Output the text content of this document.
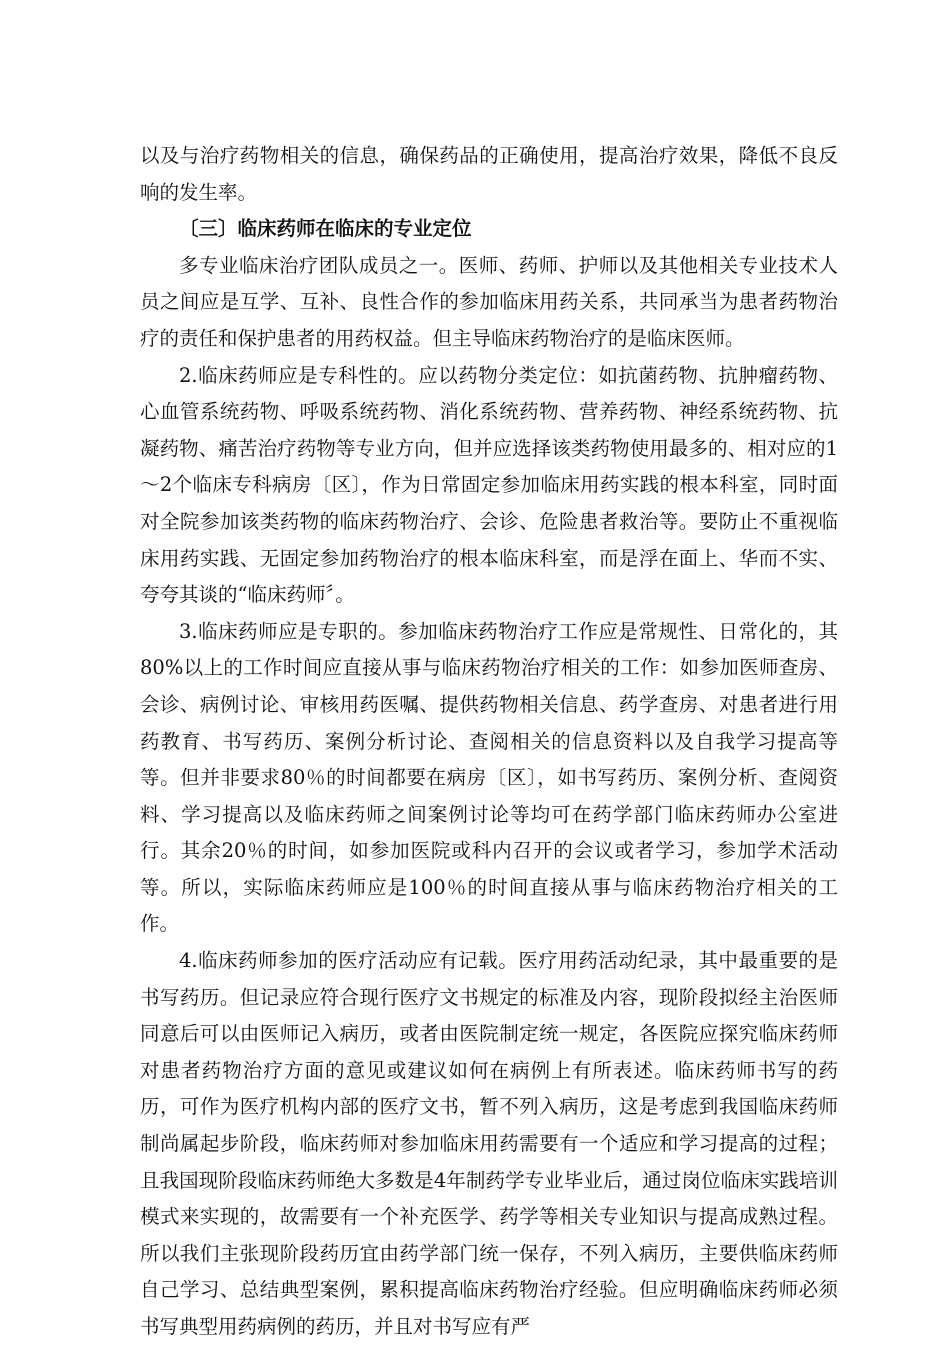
以及与治疗药物相关的信息，确保药品的正确使用，提高治疗效果，降低不良反响的发生率。

〔三〕临床药师在临床的专业定位

多专业临床治疗团队成员之一。医师、药师、护师以及其他相关专业技术人员之间应是互学、互补、良性合作的参加临床用药关系，共同承当为患者药物治疗的责任和保护患者的用药权益。但主导临床药物治疗的是临床医师。

2.临床药师应是专科性的。应以药物分类定位：如抗菌药物、抗肿瘤药物、心血管系统药物、呼吸系统药物、消化系统药物、营养药物、神经系统药物、抗凝药物、痛苦治疗药物等专业方向，但并应选择该类药物使用最多的、相对应的1～2个临床专科病房〔区〕，作为日常固定参加临床用药实践的根本科室，同时面对全院参加该类药物的临床药物治疗、会诊、危险患者救治等。要防止不重视临床用药实践、无固定参加药物治疗的根本临床科室，而是浮在面上、华而不实、夸夸其谈的“临床药师〞。

3.临床药师应是专职的。参加临床药物治疗工作应是常规性、日常化的，其80%以上的工作时间应直接从事与临床药物治疗相关的工作：如参加医师查房、会诊、病例讨论、审核用药医嘱、提供药物相关信息、药学查房、对患者进行用药教育、书写药历、案例分析讨论、查阅相关的信息资料以及自我学习提高等等。但并非要求80％的时间都要在病房〔区〕，如书写药历、案例分析、查阅资料、学习提高以及临床药师之间案例讨论等均可在药学部门临床药师办公室进行。其余20％的时间，如参加医院或科内召开的会议或者学习，参加学术活动等。所以，实际临床药师应是100％的时间直接从事与临床药物治疗相关的工作。

4.临床药师参加的医疗活动应有记载。医疗用药活动纪录，其中最重要的是书写药历。但记录应符合现行医疗文书规定的标准及内容，现阶段拟经主治医师同意后可以由医师记入病历，或者由医院制定统一规定，各医院应探究临床药师对患者药物治疗方面的意见或建议如何在病例上有所表述。临床药师书写的药历，可作为医疗机构内部的医疗文书，暂不列入病历，这是考虑到我国临床药师制尚属起步阶段，临床药师对参加临床用药需要有一个适应和学习提高的过程；且我国现阶段临床药师绝大多数是4年制药学专业毕业后，通过岗位临床实践培训模式来实现的，故需要有一个补充医学、药学等相关专业知识与提高成熟过程。所以我们主张现阶段药历宜由药学部门统一保存，不列入病历，主要供临床药师自己学习、总结典型案例，累积提高临床药物治疗经验。但应明确临床药师必须书写典型用药病例的药历，并且对书写应有严
